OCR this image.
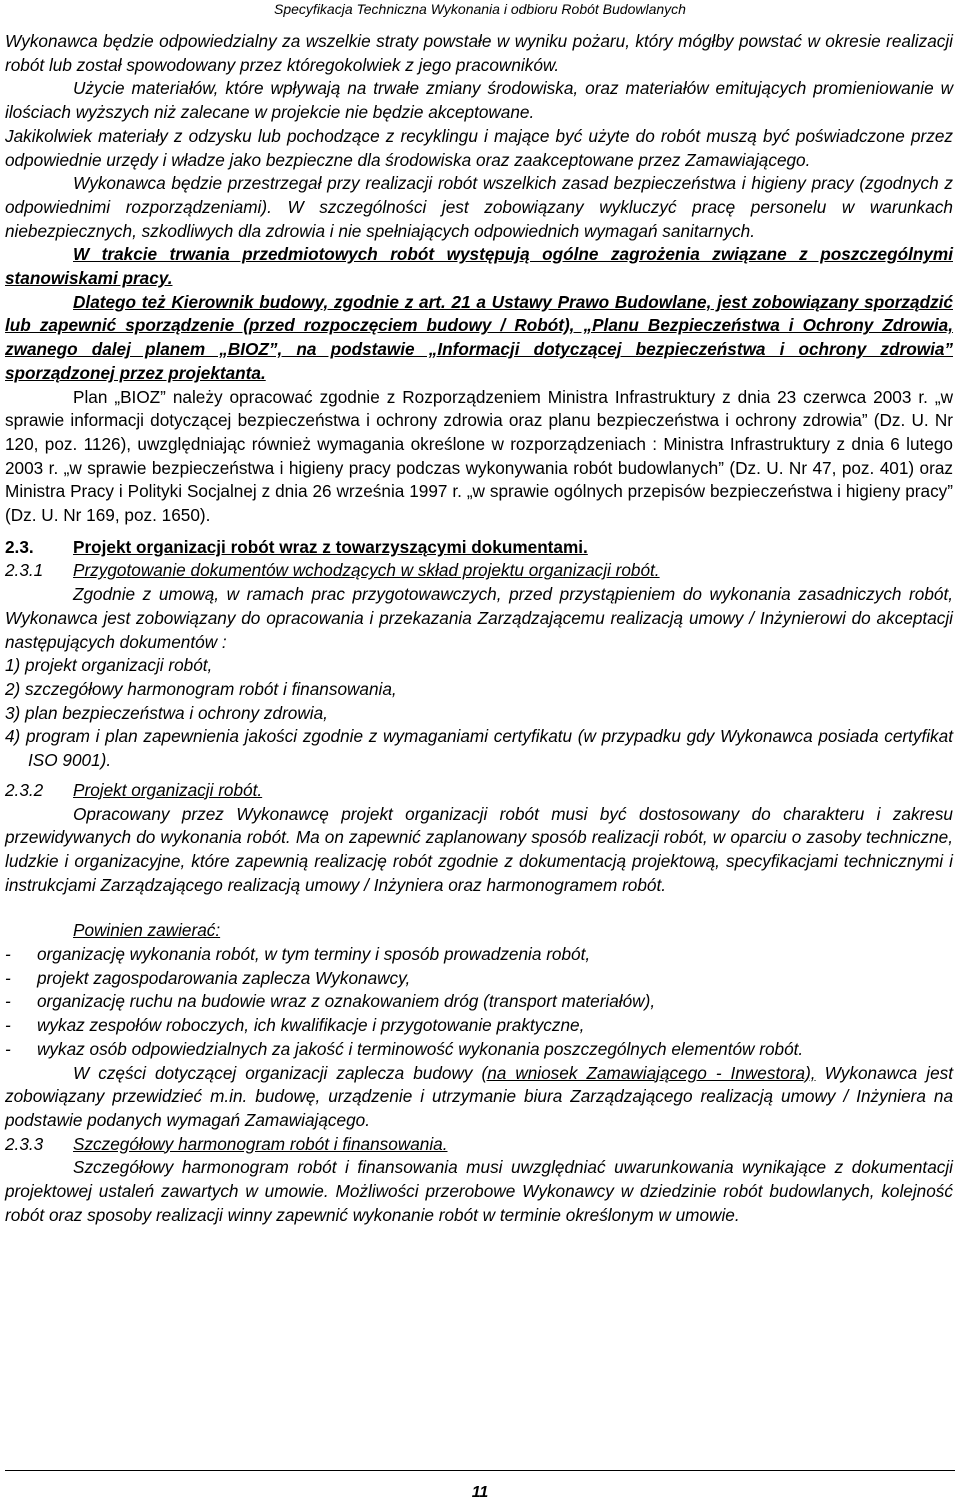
Specyfikacja Techniczna Wykonania i odbioru Robót Budowlanych

Wykonawca będzie odpowiedzialny za wszelkie straty powstałe w wyniku pożaru, który mógłby powstać w okresie realizacji robót lub został spowodowany przez któregokolwiek z jego pracowników.

Użycie materiałów, które wpływają na trwałe zmiany środowiska, oraz materiałów emitujących promieniowanie w ilościach wyższych niż zalecane w projekcie nie będzie akceptowane.

Jakikolwiek materiały z odzysku lub pochodzące z recyklingu i mające być użyte do robót muszą być poświadczone przez odpowiednie urzędy i władze jako bezpieczne dla środowiska oraz zaakceptowane przez Zamawiającego.

Wykonawca będzie przestrzegał przy realizacji robót wszelkich zasad bezpieczeństwa i higieny pracy (zgodnych z odpowiednimi rozporządzeniami). W szczególności jest zobowiązany wykluczyć pracę personelu w warunkach niebezpiecznych, szkodliwych dla zdrowia i nie spełniających odpowiednich wymagań sanitarnych.

W trakcie trwania przedmiotowych robót występują ogólne zagrożenia związane z poszczególnymi stanowiskami pracy.

Dlatego też Kierownik budowy, zgodnie z art. 21 a Ustawy Prawo Budowlane, jest zobowiązany sporządzić lub zapewnić sporządzenie (przed rozpoczęciem budowy / Robót), „Planu Bezpieczeństwa i Ochrony Zdrowia, zwanego dalej planem „BIOZ”, na podstawie „Informacji dotyczącej bezpieczeństwa i ochrony zdrowia” sporządzonej przez projektanta.

Plan „BIOZ” należy opracować zgodnie z Rozporządzeniem Ministra Infrastruktury z dnia 23 czerwca 2003 r. „w sprawie informacji dotyczącej bezpieczeństwa i ochrony zdrowia oraz planu bezpieczeństwa i ochrony zdrowia” (Dz. U. Nr 120, poz. 1126), uwzględniając również wymagania określone w rozporządzeniach : Ministra Infrastruktury z dnia 6 lutego 2003 r. „w sprawie bezpieczeństwa i higieny pracy podczas wykonywania robót budowlanych” (Dz. U. Nr 47, poz. 401) oraz Ministra Pracy i Polityki Socjalnej z dnia 26 września 1997 r. „w sprawie ogólnych przepisów bezpieczeństwa i higieny pracy” (Dz. U. Nr 169, poz. 1650).

2.3.	Projekt organizacji robót wraz z towarzyszącymi dokumentami.
2.3.1	Przygotowanie dokumentów wchodzących w skład projektu organizacji robót.

Zgodnie z umową, w ramach prac przygotowawczych, przed przystąpieniem do wykonania zasadniczych robót, Wykonawca jest zobowiązany do opracowania i przekazania Zarządzającemu realizacją umowy / Inżynierowi do akceptacji następujących dokumentów :

1) projekt organizacji robót,
2) szczegółowy harmonogram robót i finansowania,
3) plan bezpieczeństwa i ochrony zdrowia,
4) program i plan zapewnienia jakości zgodnie z wymaganiami certyfikatu (w przypadku gdy Wykonawca posiada certyfikat ISO 9001).
2.3.2	Projekt organizacji robót.

Opracowany przez Wykonawcę projekt organizacji robót musi być dostosowany do charakteru i zakresu przewidywanych do wykonania robót. Ma on zapewnić zaplanowany sposób realizacji robót, w oparciu o zasoby techniczne, ludzkie i organizacyjne, które zapewnią realizację robót zgodnie z dokumentacją projektową, specyfikacjami technicznymi i instrukcjami Zarządzającego realizacją umowy / Inżyniera oraz harmonogramem robót.

Powinien zawierać:

- organizację wykonania robót, w tym terminy i sposób prowadzenia robót,
- projekt zagospodarowania zaplecza Wykonawcy,
- organizację ruchu na budowie wraz z oznakowaniem dróg (transport materiałów),
- wykaz zespołów roboczych, ich kwalifikacje i przygotowanie praktyczne,
- wykaz osób odpowiedzialnych za jakość i terminowość wykonania poszczególnych elementów robót.

W części dotyczącej organizacji zaplecza budowy (na wniosek Zamawiającego - Inwestora), Wykonawca jest zobowiązany przewidzieć m.in. budowę, urządzenie i utrzymanie biura Zarządzającego realizacją umowy / Inżyniera na podstawie podanych wymagań Zamawiającego.

2.3.3	Szczegółowy harmonogram robót i finansowania.

Szczegółowy harmonogram robót i finansowania musi uwzględniać uwarunkowania wynikające z dokumentacji projektowej ustaleń zawartych w umowie. Możliwości przerobowe Wykonawcy w dziedzinie robót budowlanych, kolejność robót oraz sposoby realizacji winny zapewnić wykonanie robót w terminie określonym w umowie.

11
